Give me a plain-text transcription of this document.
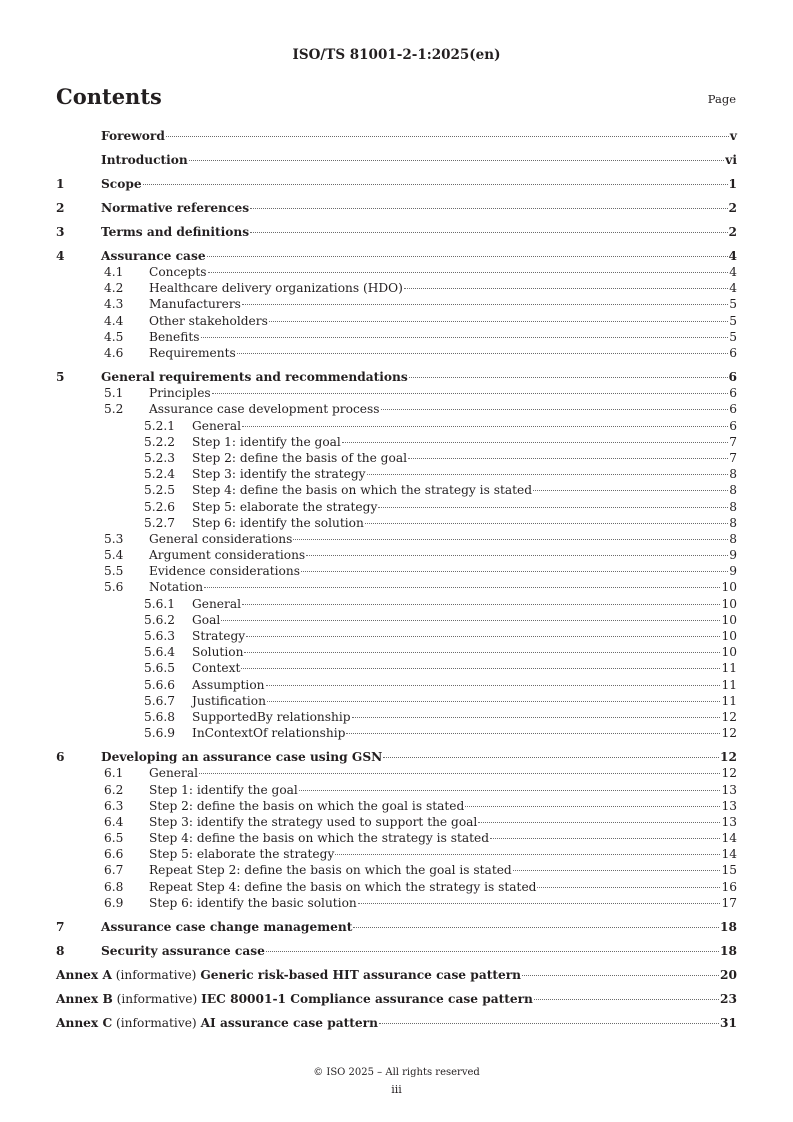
ISO/TS 81001-2-1:2025(en)
Contents	Page
Foreword	v
Introduction	vi
1	Scope	1
2	Normative references	2
3	Terms and definitions	2
4	Assurance case	4
4.1	Concepts	4
4.2	Healthcare delivery organizations (HDO)	4
4.3	Manufacturers	5
4.4	Other stakeholders	5
4.5	Benefits	5
4.6	Requirements	6
5	General requirements and recommendations	6
5.1	Principles	6
5.2	Assurance case development process	6
5.2.1	General	6
5.2.2	Step 1: identify the goal	7
5.2.3	Step 2: define the basis of the goal	7
5.2.4	Step 3: identify the strategy	8
5.2.5	Step 4: define the basis on which the strategy is stated	8
5.2.6	Step 5: elaborate the strategy	8
5.2.7	Step 6: identify the solution	8
5.3	General considerations	8
5.4	Argument considerations	9
5.5	Evidence considerations	9
5.6	Notation	10
5.6.1	General	10
5.6.2	Goal	10
5.6.3	Strategy	10
5.6.4	Solution	10
5.6.5	Context	11
5.6.6	Assumption	11
5.6.7	Justification	11
5.6.8	SupportedBy relationship	12
5.6.9	InContextOf relationship	12
6	Developing an assurance case using GSN	12
6.1	General	12
6.2	Step 1: identify the goal	13
6.3	Step 2: define the basis on which the goal is stated	13
6.4	Step 3: identify the strategy used to support the goal	13
6.5	Step 4: define the basis on which the strategy is stated	14
6.6	Step 5: elaborate the strategy	14
6.7	Repeat Step 2: define the basis on which the goal is stated	15
6.8	Repeat Step 4: define the basis on which the strategy is stated	16
6.9	Step 6: identify the basic solution	17
7	Assurance case change management	18
8	Security assurance case	18
Annex A (informative) Generic risk-based HIT assurance case pattern	20
Annex B (informative) IEC 80001-1 Compliance assurance case pattern	23
Annex C (informative) AI assurance case pattern	31
© ISO 2025 – All rights reserved
iii
